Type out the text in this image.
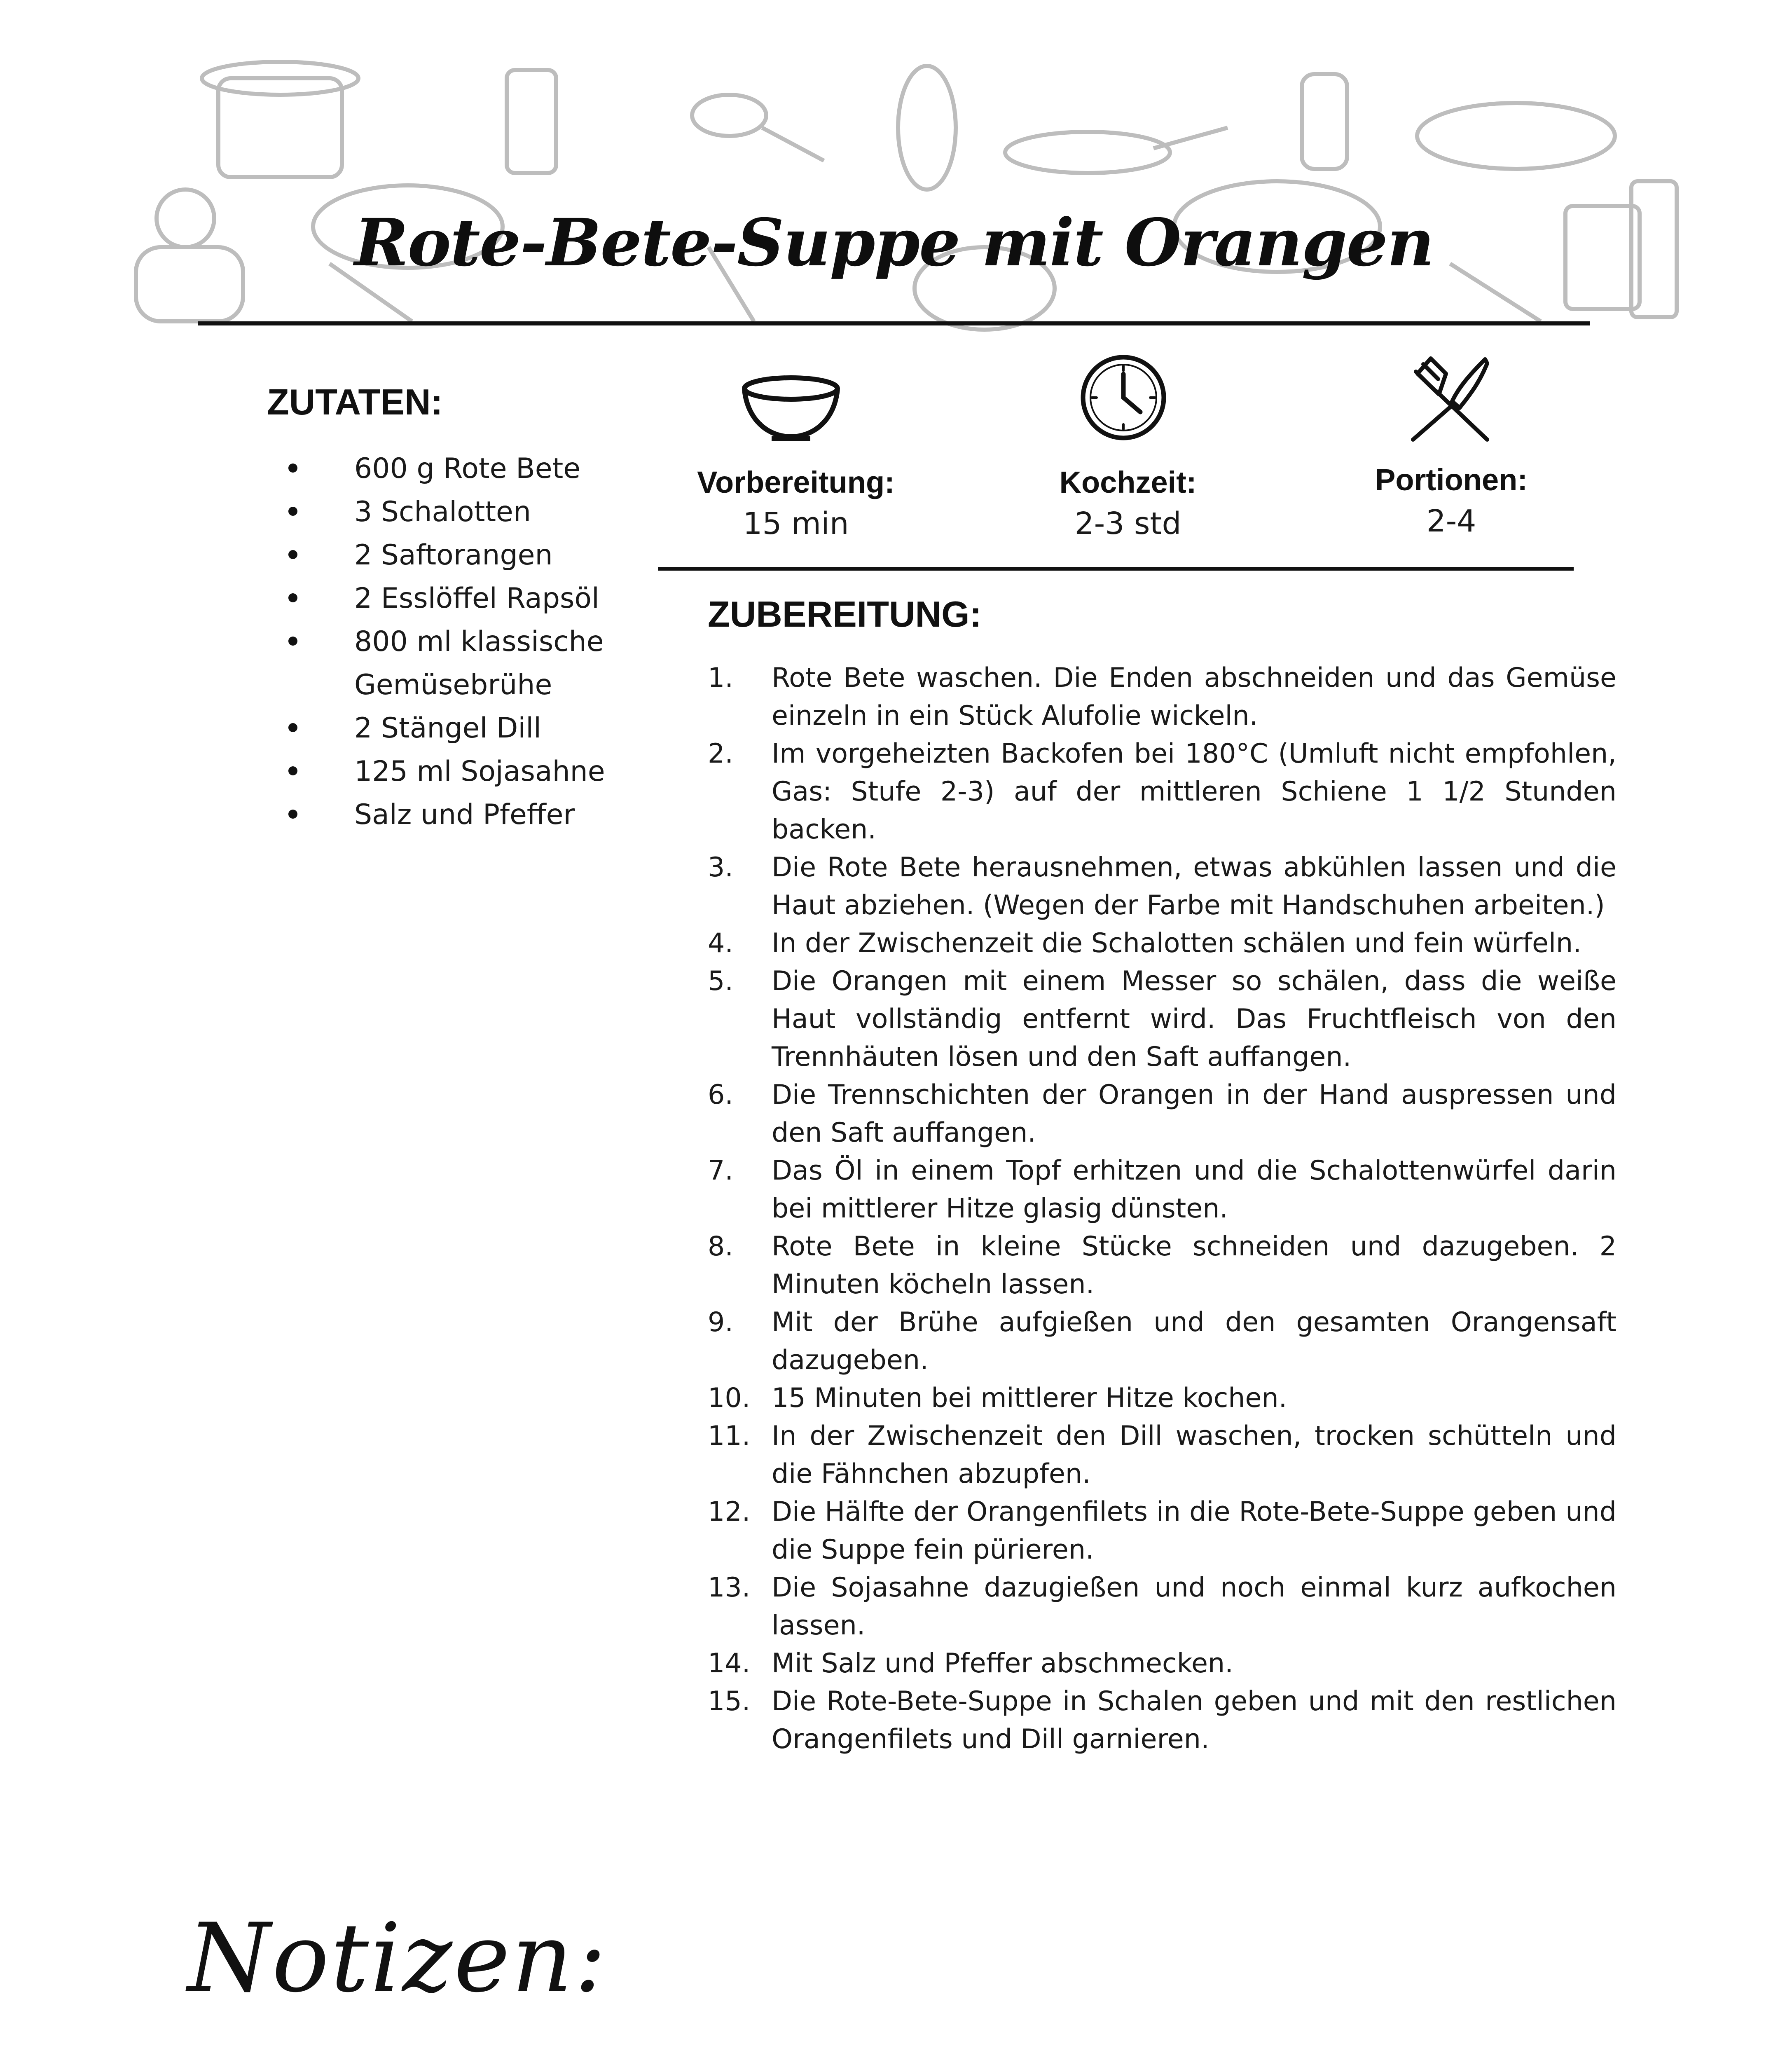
Rote-Bete-Suppe mit Orangen
ZUTATEN:
600 g Rote Bete
3 Schalotten
2 Saftorangen
2 Esslöffel Rapsöl
800 ml klassische Gemüsebrühe
2 Stängel Dill
125 ml Sojasahne
Salz und Pfeffer
Vorbereitung:
15 min
Kochzeit:
2-3 std
Portionen:
2-4
ZUBEREITUNG:
1. Rote Bete waschen. Die Enden abschneiden und das Gemüse einzeln in ein Stück Alufolie wickeln.
2. Im vorgeheizten Backofen bei 180°C (Umluft nicht empfohlen, Gas: Stufe 2-3) auf der mittleren Schiene 1 1/2 Stunden backen.
3. Die Rote Bete herausnehmen, etwas abkühlen lassen und die Haut abziehen. (Wegen der Farbe mit Handschuhen arbeiten.)
4. In der Zwischenzeit die Schalotten schälen und fein würfeln.
5. Die Orangen mit einem Messer so schälen, dass die weiße Haut vollständig entfernt wird. Das Fruchtfleisch von den Trennhäuten lösen und den Saft auffangen.
6. Die Trennschichten der Orangen in der Hand auspressen und den Saft auffangen.
7. Das Öl in einem Topf erhitzen und die Schalottenwürfel darin bei mittlerer Hitze glasig dünsten.
8. Rote Bete in kleine Stücke schneiden und dazugeben. 2 Minuten köcheln lassen.
9. Mit der Brühe aufgießen und den gesamten Orangensaft dazugeben.
10. 15 Minuten bei mittlerer Hitze kochen.
11. In der Zwischenzeit den Dill waschen, trocken schütteln und die Fähnchen abzupfen.
12. Die Hälfte der Orangenfilets in die Rote-Bete-Suppe geben und die Suppe fein pürieren.
13. Die Sojasahne dazugießen und noch einmal kurz aufkochen lassen.
14. Mit Salz und Pfeffer abschmecken.
15. Die Rote-Bete-Suppe in Schalen geben und mit den restlichen Orangenfilets und Dill garnieren.
Notizen:
